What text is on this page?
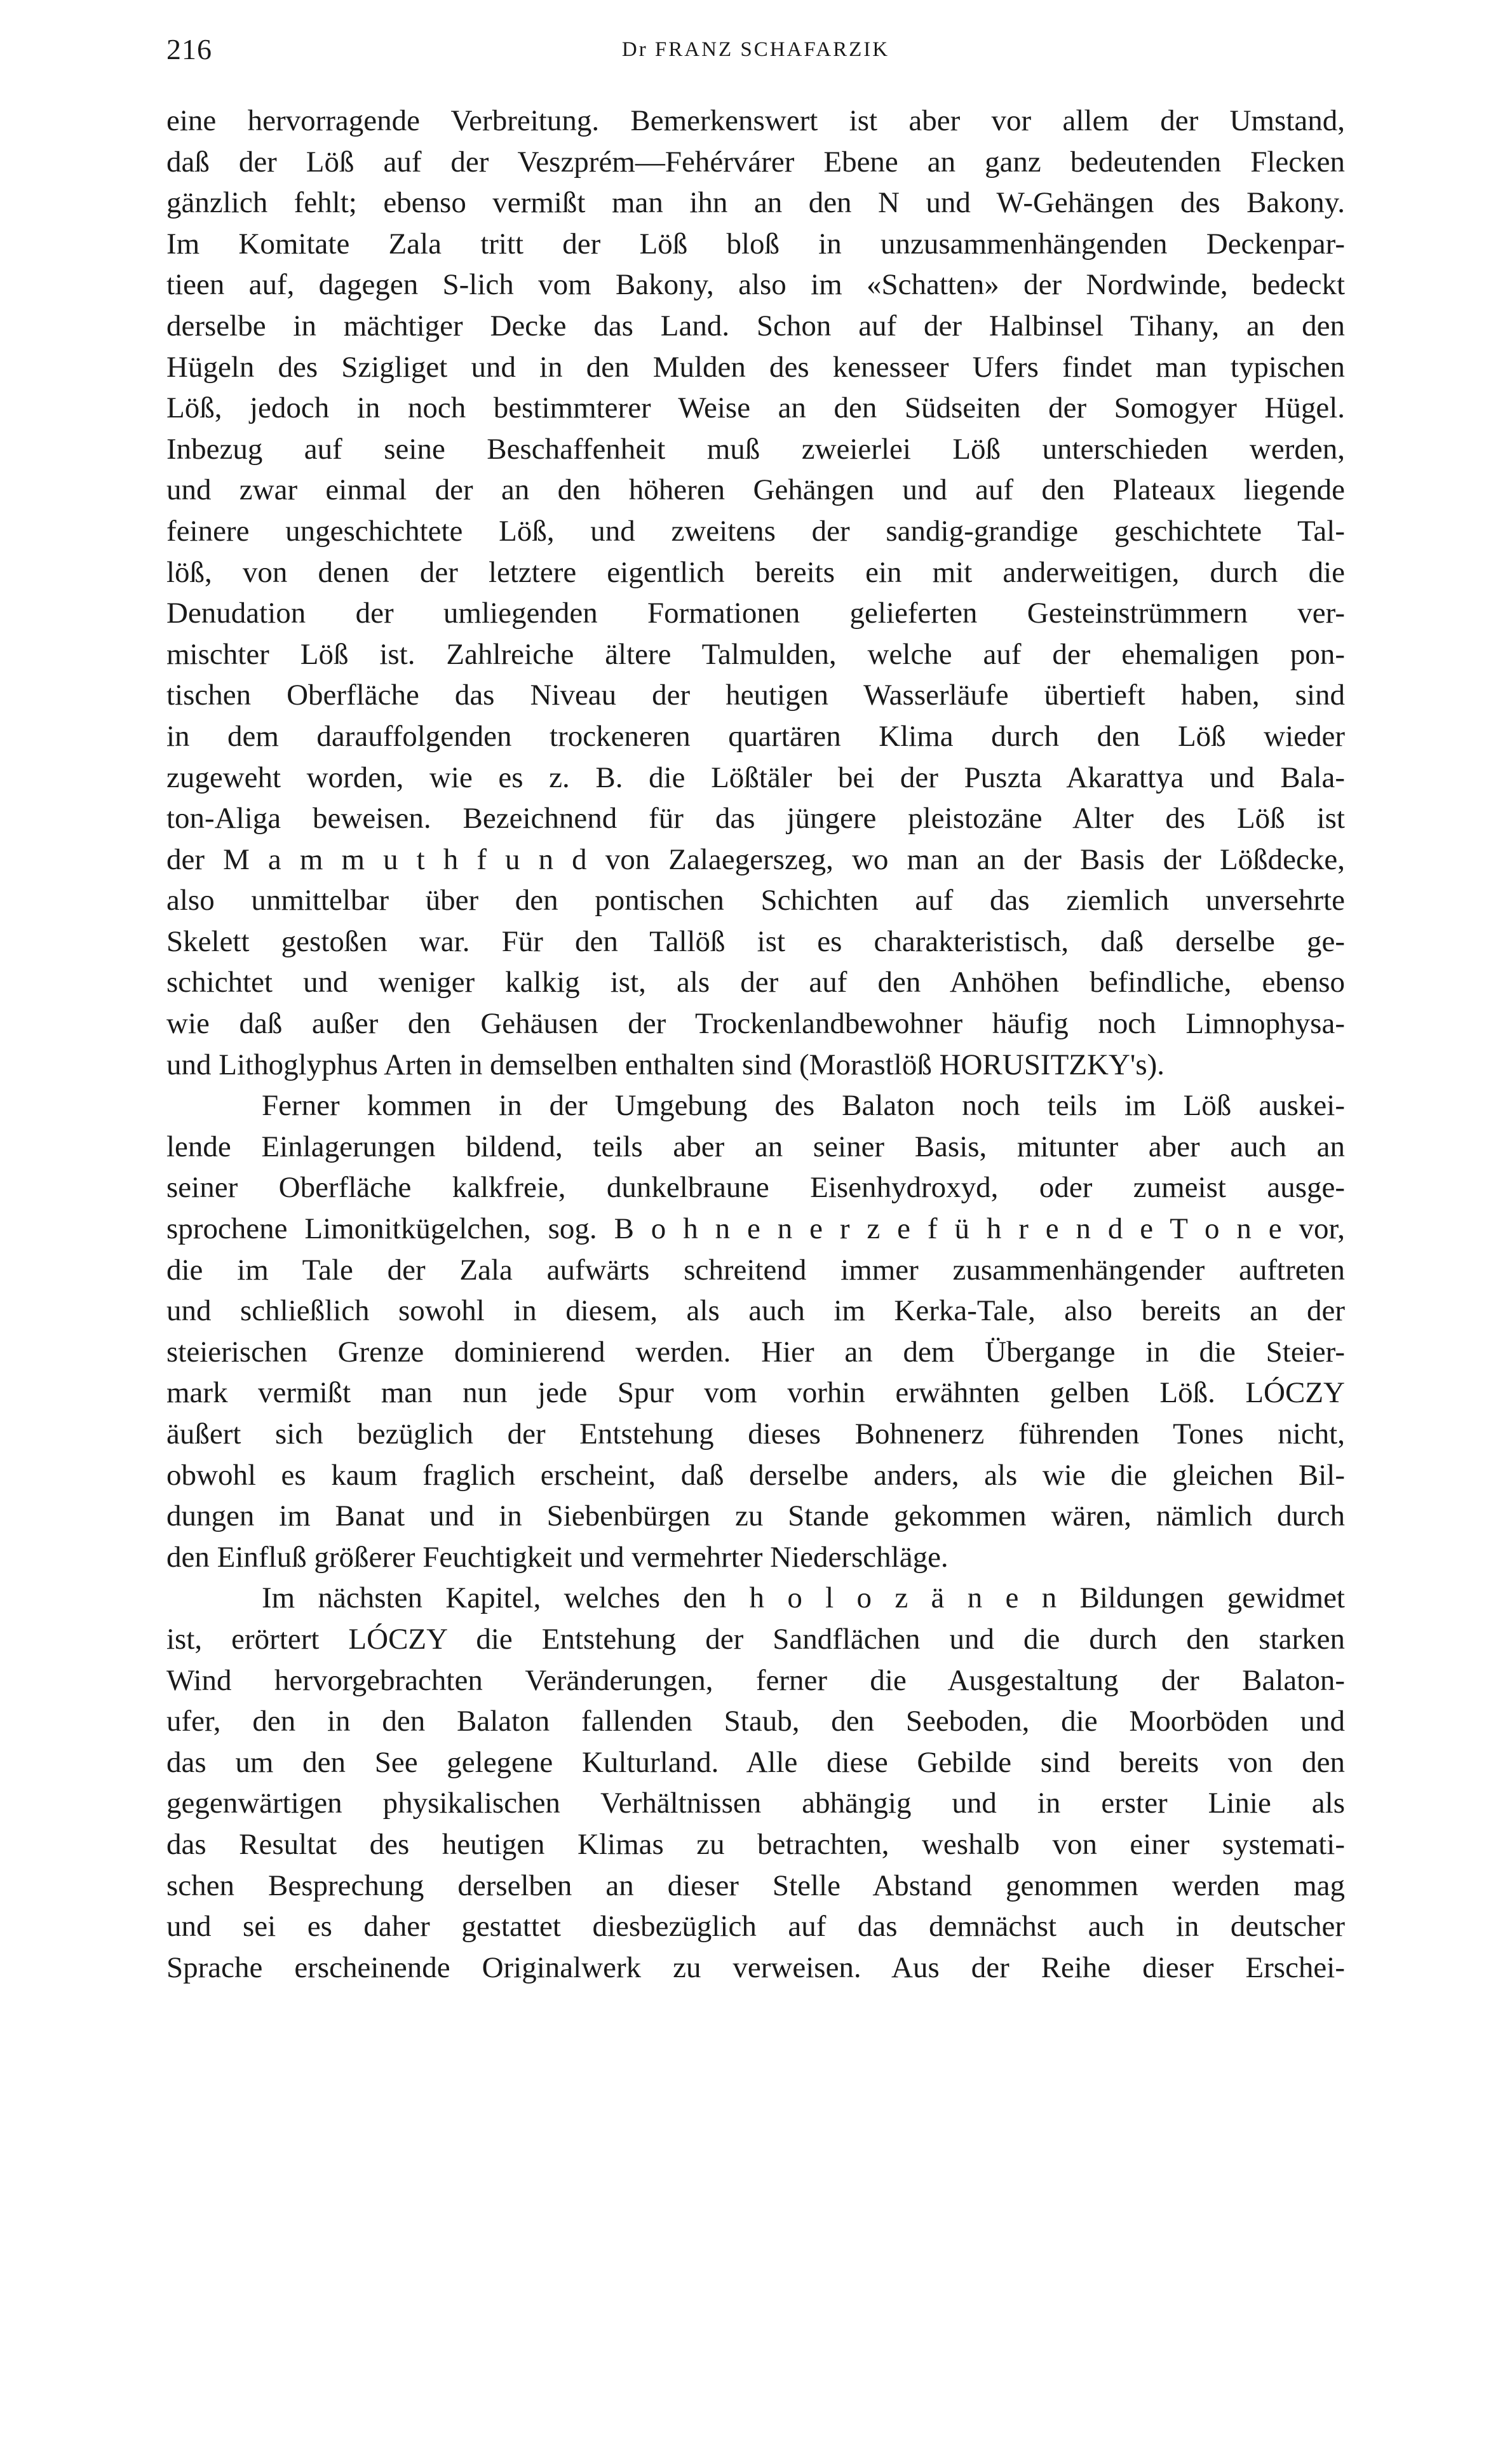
216	Dr FRANZ SCHAFARZIK
eine hervorragende Verbreitung. Bemerkenswert ist aber vor allem der Umstand,
daß der Löß auf der Veszprém—Fehérvárer Ebene an ganz bedeutenden Flecken
gänzlich fehlt; ebenso vermißt man ihn an den N und W-Gehängen des Bakony.
Im Komitate Zala tritt der Löß bloß in unzusammenhängenden Deckenpar-
tieen auf, dagegen S-lich vom Bakony, also im «Schatten» der Nordwinde, bedeckt
derselbe in mächtiger Decke das Land. Schon auf der Halbinsel Tihany, an den
Hügeln des Szigliget und in den Mulden des kenesseer Ufers findet man typischen
Löß, jedoch in noch bestimmterer Weise an den Südseiten der Somogyer Hügel.
Inbezug auf seine Beschaffenheit muß zweierlei Löß unterschieden werden,
und zwar einmal der an den höheren Gehängen und auf den Plateaux liegende
feinere ungeschichtete Löß, und zweitens der sandig-grandige geschichtete Tal-
löß, von denen der letztere eigentlich bereits ein mit anderweitigen, durch die
Denudation der umliegenden Formationen gelieferten Gesteinstrümmern ver-
mischter Löß ist. Zahlreiche ältere Talmulden, welche auf der ehemaligen pon-
tischen Oberfläche das Niveau der heutigen Wasserläufe übertieft haben, sind
in dem darauffolgenden trockeneren quartären Klima durch den Löß wieder
zugeweht worden, wie es z. B. die Lößtäler bei der Puszta Akarattya und Bala-
ton-Aliga beweisen. Bezeichnend für das jüngere pleistozäne Alter des Löß ist
der M a m m u t h f u n d von Zalaegerszeg, wo man an der Basis der Lößdecke,
also unmittelbar über den pontischen Schichten auf das ziemlich unversehrte
Skelett gestoßen war. Für den Tallöß ist es charakteristisch, daß derselbe ge-
schichtet und weniger kalkig ist, als der auf den Anhöhen befindliche, ebenso
wie daß außer den Gehäusen der Trockenlandbewohner häufig noch Limnophysa-
und Lithoglyphus Arten in demselben enthalten sind (Morastlöß HORUSITZKY's).
Ferner kommen in der Umgebung des Balaton noch teils im Löß auskei-
lende Einlagerungen bildend, teils aber an seiner Basis, mitunter aber auch an
seiner Oberfläche kalkfreie, dunkelbraune Eisenhydroxyd, oder zumeist ausge-
sprochene Limonitkügelchen, sog. B o h n e n e r z e f ü h r e n d e T o n e vor,
die im Tale der Zala aufwärts schreitend immer zusammenhängender auftreten
und schließlich sowohl in diesem, als auch im Kerka-Tale, also bereits an der
steierischen Grenze dominierend werden. Hier an dem Übergange in die Steier-
mark vermißt man nun jede Spur vom vorhin erwähnten gelben Löß. LÓCZY
äußert sich bezüglich der Entstehung dieses Bohnenerz führenden Tones nicht,
obwohl es kaum fraglich erscheint, daß derselbe anders, als wie die gleichen Bil-
dungen im Banat und in Siebenbürgen zu Stande gekommen wären, nämlich durch
den Einfluß größerer Feuchtigkeit und vermehrter Niederschläge.
Im nächsten Kapitel, welches den h o l o z ä n e n Bildungen gewidmet
ist, erörtert LÓCZY die Entstehung der Sandflächen und die durch den starken
Wind hervorgebrachten Veränderungen, ferner die Ausgestaltung der Balaton-
ufer, den in den Balaton fallenden Staub, den Seeboden, die Moorböden und
das um den See gelegene Kulturland. Alle diese Gebilde sind bereits von den
gegenwärtigen physikalischen Verhältnissen abhängig und in erster Linie als
das Resultat des heutigen Klimas zu betrachten, weshalb von einer systemati-
schen Besprechung derselben an dieser Stelle Abstand genommen werden mag
und sei es daher gestattet diesbezüglich auf das demnächst auch in deutscher
Sprache erscheinende Originalwerk zu verweisen. Aus der Reihe dieser Erschei-
